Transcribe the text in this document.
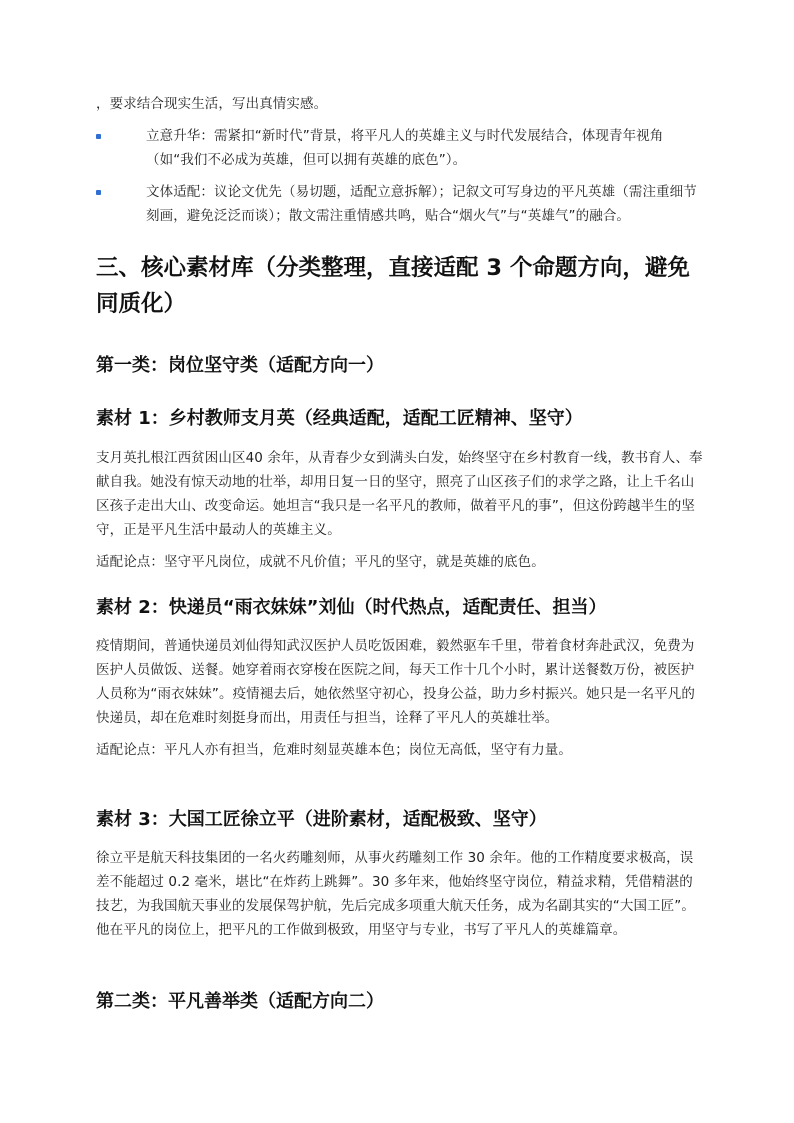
，要求结合现实生活，写出真情实感。

立意升华：需紧扣“新时代”背景，将平凡人的英雄主义与时代发展结合，体现青年视角（如“我们不必成为英雄，但可以拥有英雄的底色”）。

文体适配：议论文优先（易切题，适配立意拆解）；记叙文可写身边的平凡英雄（需注重细节刻画，避免泛泛而谈）；散文需注重情感共鸣，贴合“烟火气”与“英雄气”的融合。

三、核心素材库（分类整理，直接适配 3 个命题方向，避免同质化）
第一类：岗位坚守类（适配方向一）
素材 1：乡村教师支月英（经典适配，适配工匠精神、坚守）

支月英扎根江西贫困山区40 余年，从青春少女到满头白发，始终坚守在乡村教育一线，教书育人、奉献自我。她没有惊天动地的壮举，却用日复一日的坚守，照亮了山区孩子们的求学之路，让上千名山区孩子走出大山、改变命运。她坦言“我只是一名平凡的教师，做着平凡的事”，但这份跨越半生的坚守，正是平凡生活中最动人的英雄主义。

适配论点：坚守平凡岗位，成就不凡价值；平凡的坚守，就是英雄的底色。

素材 2：快递员“雨衣妹妹”刘仙（时代热点，适配责任、担当）

疫情期间，普通快递员刘仙得知武汉医护人员吃饭困难，毅然驱车千里，带着食材奔赴武汉，免费为医护人员做饭、送餐。她穿着雨衣穿梭在医院之间，每天工作十几个小时，累计送餐数万份，被医护人员称为“雨衣妹妹”。疫情褪去后，她依然坚守初心，投身公益，助力乡村振兴。她只是一名平凡的快递员，却在危难时刻挺身而出，用责任与担当，诠释了平凡人的英雄壮举。

适配论点：平凡人亦有担当，危难时刻显英雄本色；岗位无高低，坚守有力量。

素材 3：大国工匠徐立平（进阶素材，适配极致、坚守）

徐立平是航天科技集团的一名火药雕刻师，从事火药雕刻工作 30 余年。他的工作精度要求极高，误差不能超过 0.2 毫米，堪比“在炸药上跳舞”。30 多年来，他始终坚守岗位，精益求精，凭借精湛的技艺，为我国航天事业的发展保驾护航，先后完成多项重大航天任务，成为名副其实的“大国工匠”。他在平凡的岗位上，把平凡的工作做到极致，用坚守与专业，书写了平凡人的英雄篇章。

第二类：平凡善举类（适配方向二）
